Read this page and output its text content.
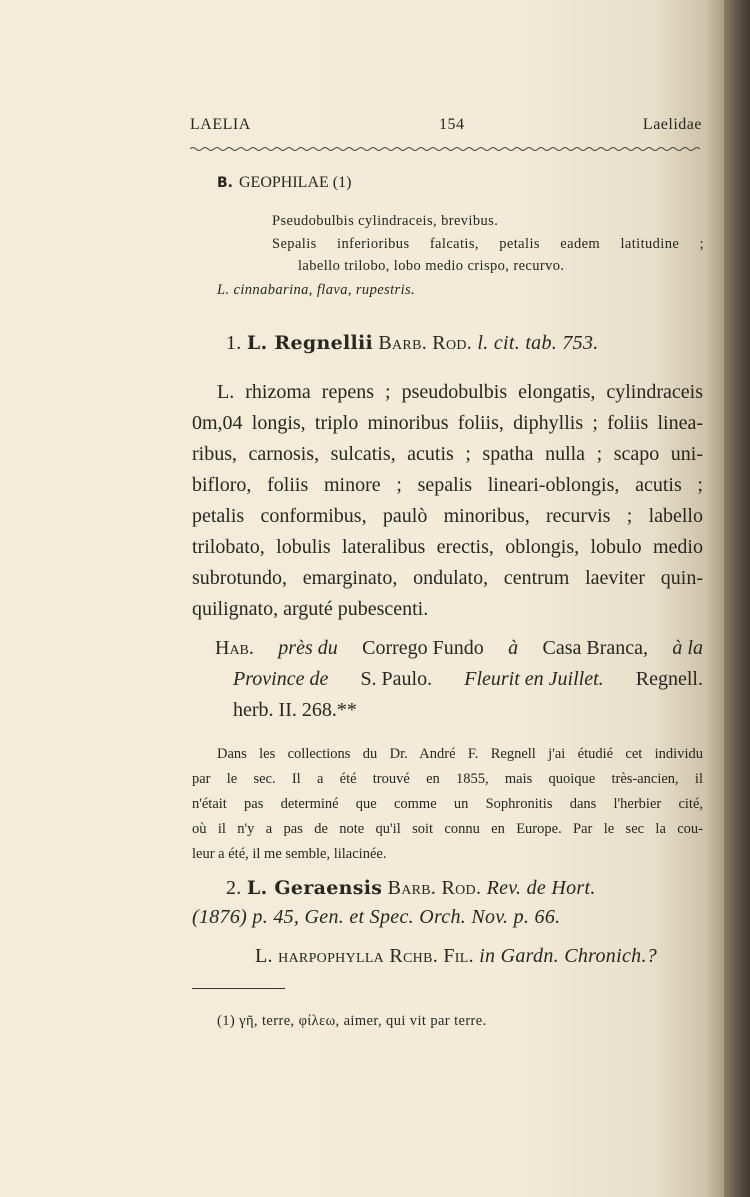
LAELIA	154	Laelidae
B. GEOPHILAE (1)
Pseudobulbis cylindraceis, brevibus.
Sepalis inferioribus falcatis, petalis eadem latitudine ;
labello trilobo, lobo medio crispo, recurvo.
L. cinnabarina, flava, rupestris.
1. L. Regnellii Barb. Rod. l. cit. tab. 753.
L. rhizoma repens ; pseudobulbis elongatis, cylindraceis
0m,04 longis, triplo minoribus foliis, diphyllis ; foliis linea-
ribus, carnosis, sulcatis, acutis ; spatha nulla ; scapo uni-
bifloro, foliis minore ; sepalis lineari-oblongis, acutis ;
petalis conformibus, paulò minoribus, recurvis ; labello
trilobato, lobulis lateralibus erectis, oblongis, lobulo medio
subrotundo, emarginato, ondulato, centrum laeviter quin-
quilignato, arguté pubescenti.
Hab. près du Corrego Fundo à Casa Branca, à la
Province de S. Paulo. Fleurit en Juillet. Regnell.
herb. II. 268.**
Dans les collections du Dr. André F. Regnell j'ai étudié cet individu
par le sec. Il a été trouvé en 1855, mais quoique très-ancien, il
n'était pas determiné que comme un Sophronitis dans l'herbier cité,
où il n'y a pas de note qu'il soit connu en Europe. Par le sec la cou-
leur a été, il me semble, lilacinée.
2. L. Geraensis Barb. Rod. Rev. de Hort.
(1876) p. 45, Gen. et Spec. Orch. Nov. p. 66.
L. harpophylla Rchb. Fil. in Gardn. Chronich.?
(1) γῆ, terre, φίλεω, aimer, qui vit par terre.
